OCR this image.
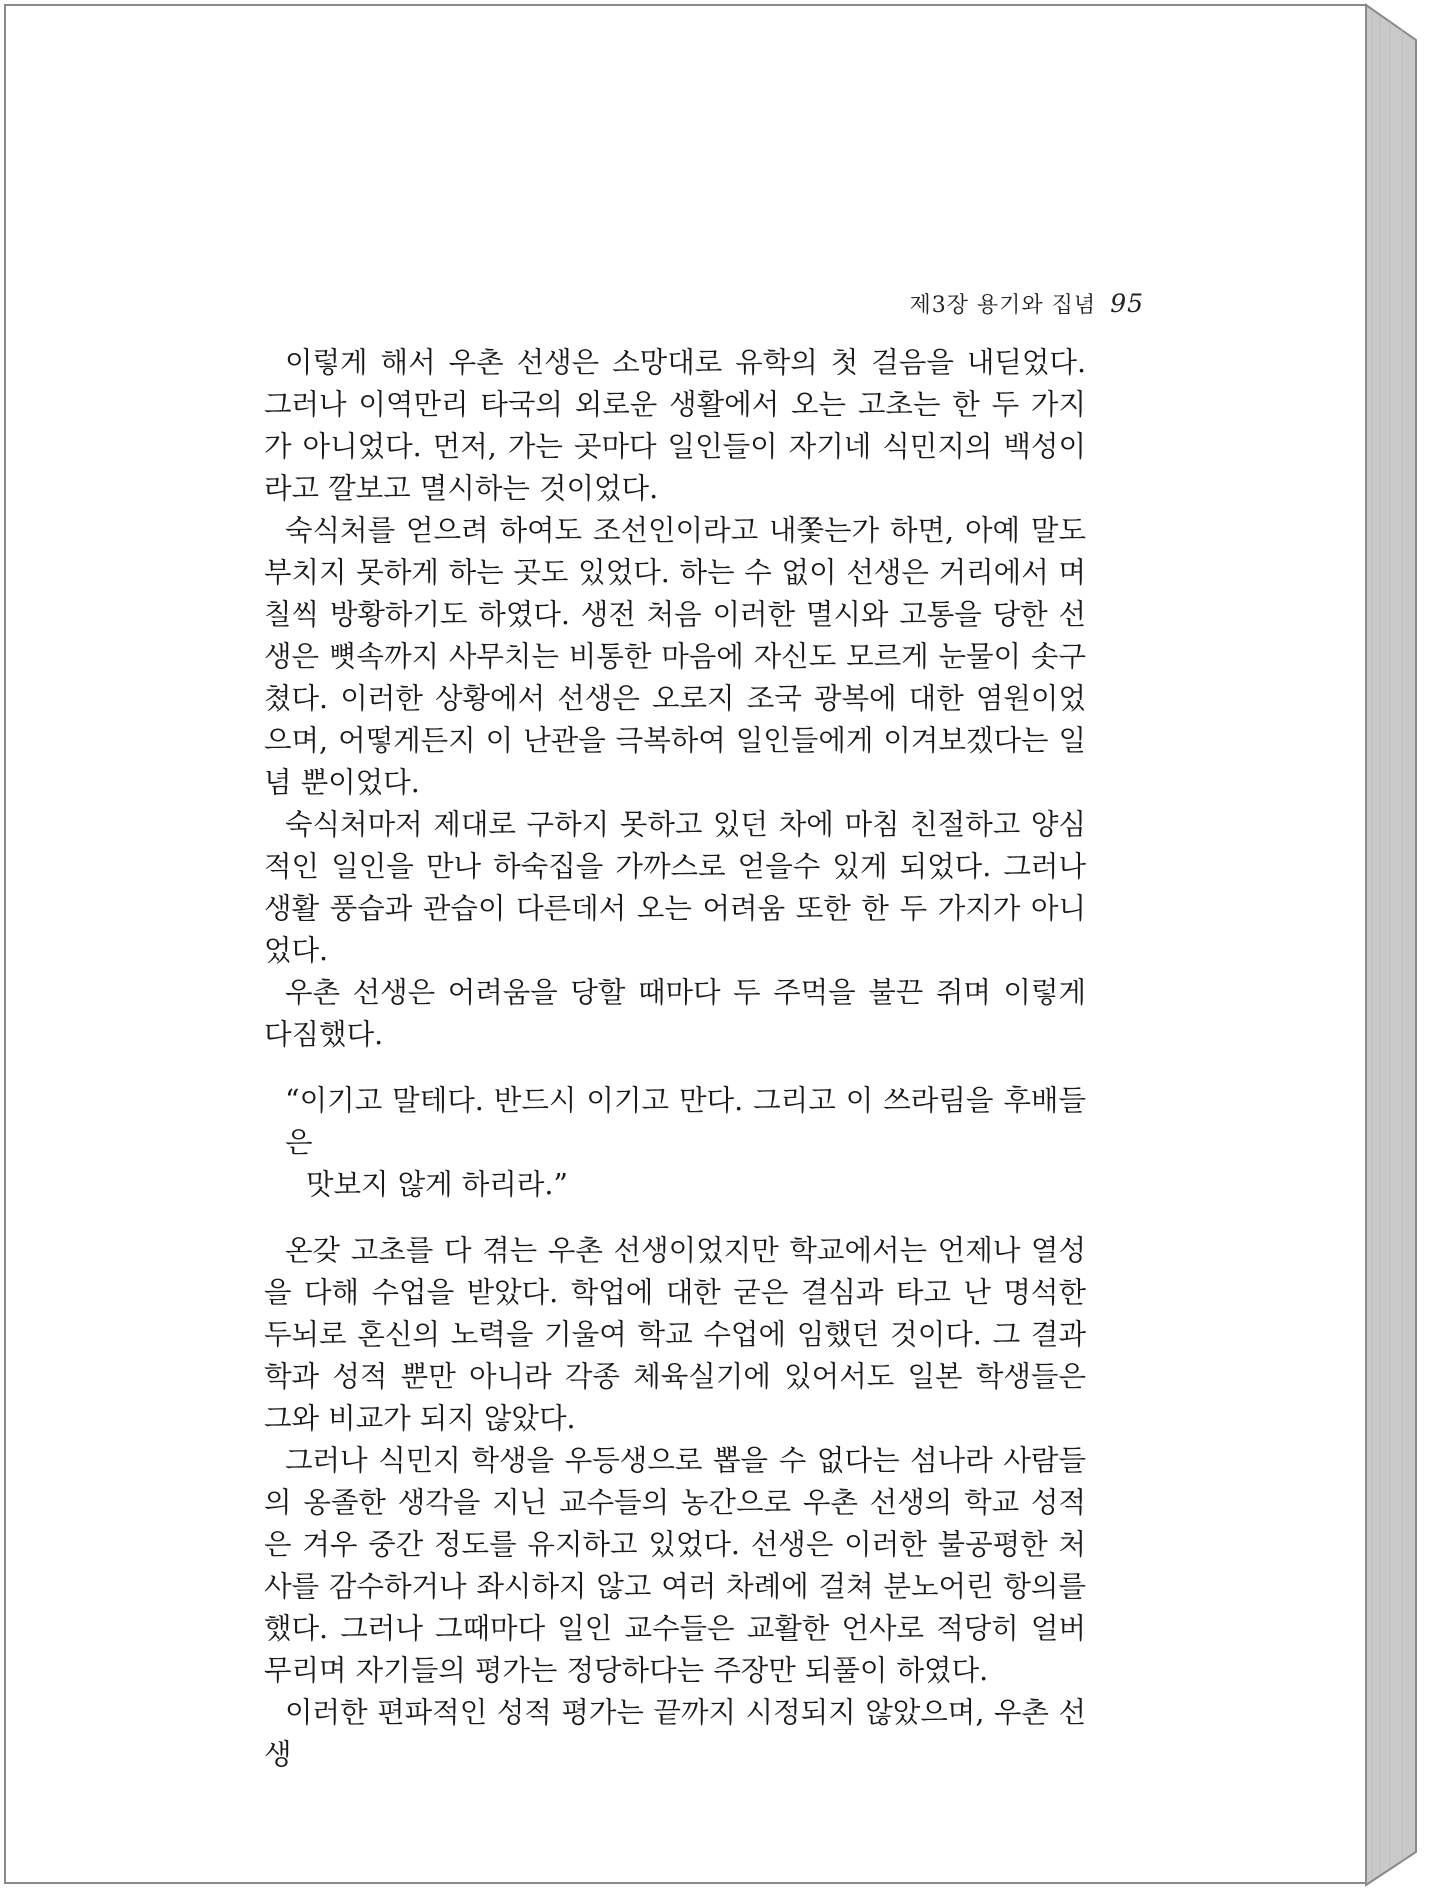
제3장 용기와 집념 95

이렇게 해서 우촌 선생은 소망대로 유학의 첫 걸음을 내딛었다. 그러나 이역만리 타국의 외로운 생활에서 오는 고초는 한 두 가지가 아니었다. 먼저, 가는 곳마다 일인들이 자기네 식민지의 백성이라고 깔보고 멸시하는 것이었다.

숙식처를 얻으려 하여도 조선인이라고 내쫓는가 하면, 아예 말도 부치지 못하게 하는 곳도 있었다. 하는 수 없이 선생은 거리에서 며칠씩 방황하기도 하였다. 생전 처음 이러한 멸시와 고통을 당한 선생은 뼛속까지 사무치는 비통한 마음에 자신도 모르게 눈물이 솟구쳤다. 이러한 상황에서 선생은 오로지 조국 광복에 대한 염원이었으며, 어떻게든지 이 난관을 극복하여 일인들에게 이겨보겠다는 일념 뿐이었다.

숙식처마저 제대로 구하지 못하고 있던 차에 마침 친절하고 양심적인 일인을 만나 하숙집을 가까스로 얻을수 있게 되었다. 그러나 생활 풍습과 관습이 다른데서 오는 어려움 또한 한 두 가지가 아니었다.

우촌 선생은 어려움을 당할 때마다 두 주먹을 불끈 쥐며 이렇게 다짐했다.

“이기고 말테다. 반드시 이기고 만다. 그리고 이 쓰라림을 후배들은
맛보지 않게 하리라.”

온갖 고초를 다 겪는 우촌 선생이었지만 학교에서는 언제나 열성을 다해 수업을 받았다. 학업에 대한 굳은 결심과 타고 난 명석한 두뇌로 혼신의 노력을 기울여 학교 수업에 임했던 것이다. 그 결과 학과 성적 뿐만 아니라 각종 체육실기에 있어서도 일본 학생들은 그와 비교가 되지 않았다.

그러나 식민지 학생을 우등생으로 뽑을 수 없다는 섬나라 사람들의 옹졸한 생각을 지닌 교수들의 농간으로 우촌 선생의 학교 성적은 겨우 중간 정도를 유지하고 있었다. 선생은 이러한 불공평한 처사를 감수하거나 좌시하지 않고 여러 차례에 걸쳐 분노어린 항의를 했다. 그러나 그때마다 일인 교수들은 교활한 언사로 적당히 얼버무리며 자기들의 평가는 정당하다는 주장만 되풀이 하였다.

이러한 편파적인 성적 평가는 끝까지 시정되지 않았으며, 우촌 선생
